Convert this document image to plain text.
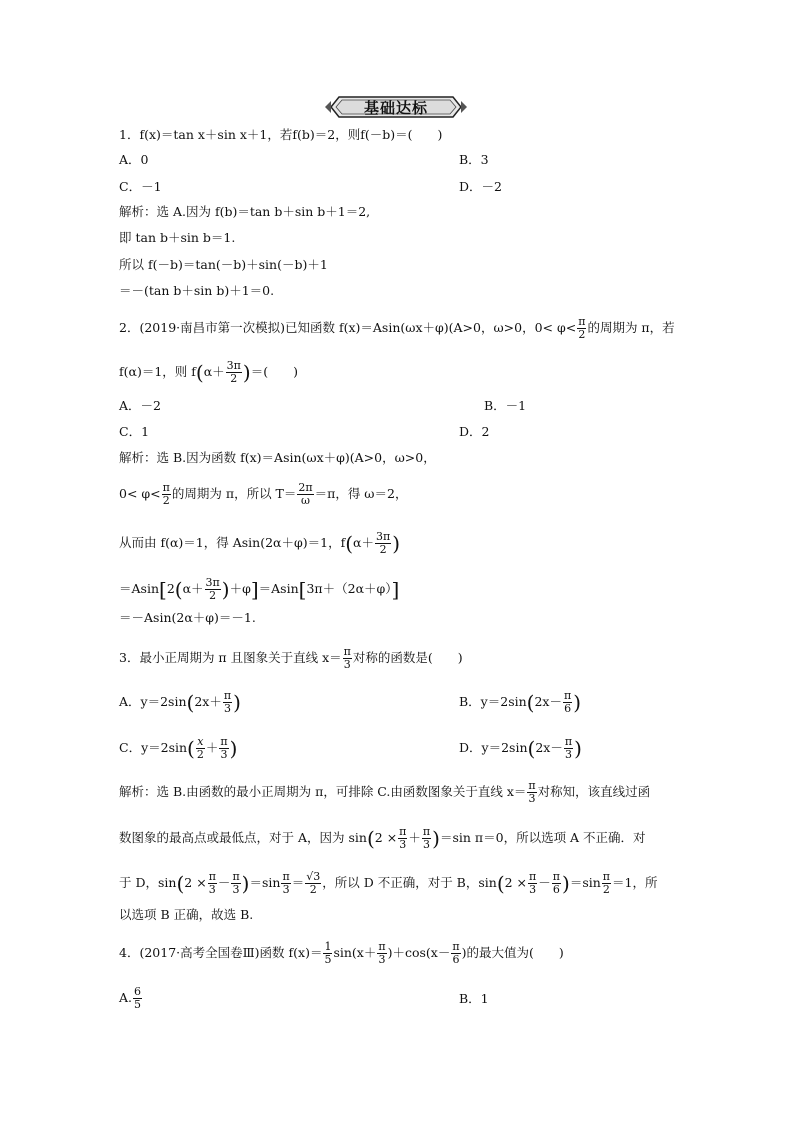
基础达标
1．f(x)＝tan x＋sin x＋1，若f(b)＝2，则f(－b)＝(　　)
A．0	B．3
C．－1	D．－2
解析：选 A.因为 f(b)＝tan b＋sin b＋1＝2,
即 tan b＋sin b＝1.
所以 f(－b)＝tan(－b)＋sin(－b)＋1
＝－(tan b＋sin b)＋1＝0.
2．(2019·南昌市第一次模拟)已知函数 f(x)＝Asin(ωx＋φ)(A>0，ω>0，$0< \varphi< \frac{\pi}{2}$ 的周期为 π，若
f(α)＝1，则 $f(\alpha+ \frac{3\pi}{2}$ )＝(　　)
A．－2	B．－1
C．1	D．2
解析：选 B.因为函数 f(x)＝Asin(ωx＋φ)(A>0，ω>0，
$0< \varphi< \frac{\pi}{2}$ 的周期为 π，所以 $T= \frac{2\pi}{\omega} =\pi$，得 ω＝2，
从而由 f(α)＝1，得 Asin(2α＋φ)＝1，$f(\alpha+ \frac{3\pi}{2}$ )
$=Asin[2(\alpha+ \frac{3\pi}{2} )+\varphi]=Asin[3\pi+(2\alpha+\varphi)]$
＝－Asin(2α＋φ)＝－1.
3．最小正周期为 π 且图象关于直线 $x= \frac{\pi}{3}$ 对称的函数是(　　)
A．$y=2\sin(2x+ \frac{\pi}{3}$ )	B．$y=2\sin(2x- \frac{\pi}{6}$ )
C．$y=2\sin( \frac{x}{2} + \frac{\pi}{3}$ )	D．$y=2\sin(2x- \frac{\pi}{3}$ )
解析：选 B.由函数的最小正周期为 π，可排除 C.由函数图象关于直线 $x= \frac{\pi}{3}$ 对称知，该直线过函
数图象的最高点或最低点，对于 A，因为 $\sin(2 \times \frac{\pi}{3} + \frac{\pi}{3} )=\sin$ π＝0，所以选项 A 不正确．对
于 D，$\sin(2 \times \frac{\pi}{3} - \frac{\pi}{3} )=\sin \frac{\pi}{3} = \frac{√3}{2}$ ，所以 D 不正确，对于 B，$\sin(2 \times \frac{\pi}{3} - \frac{\pi}{6} )=\sin \frac{\pi}{2} =1$，所
以选项 B 正确，故选 B.
4．(2017·高考全国卷Ⅲ)函数 $f(x)= \frac{1}{5} \sin(x+ \frac{\pi}{3} )+\cos(x- \frac{\pi}{6}$ )的最大值为(　　)
A. $\frac{6}{5}$	B．1
